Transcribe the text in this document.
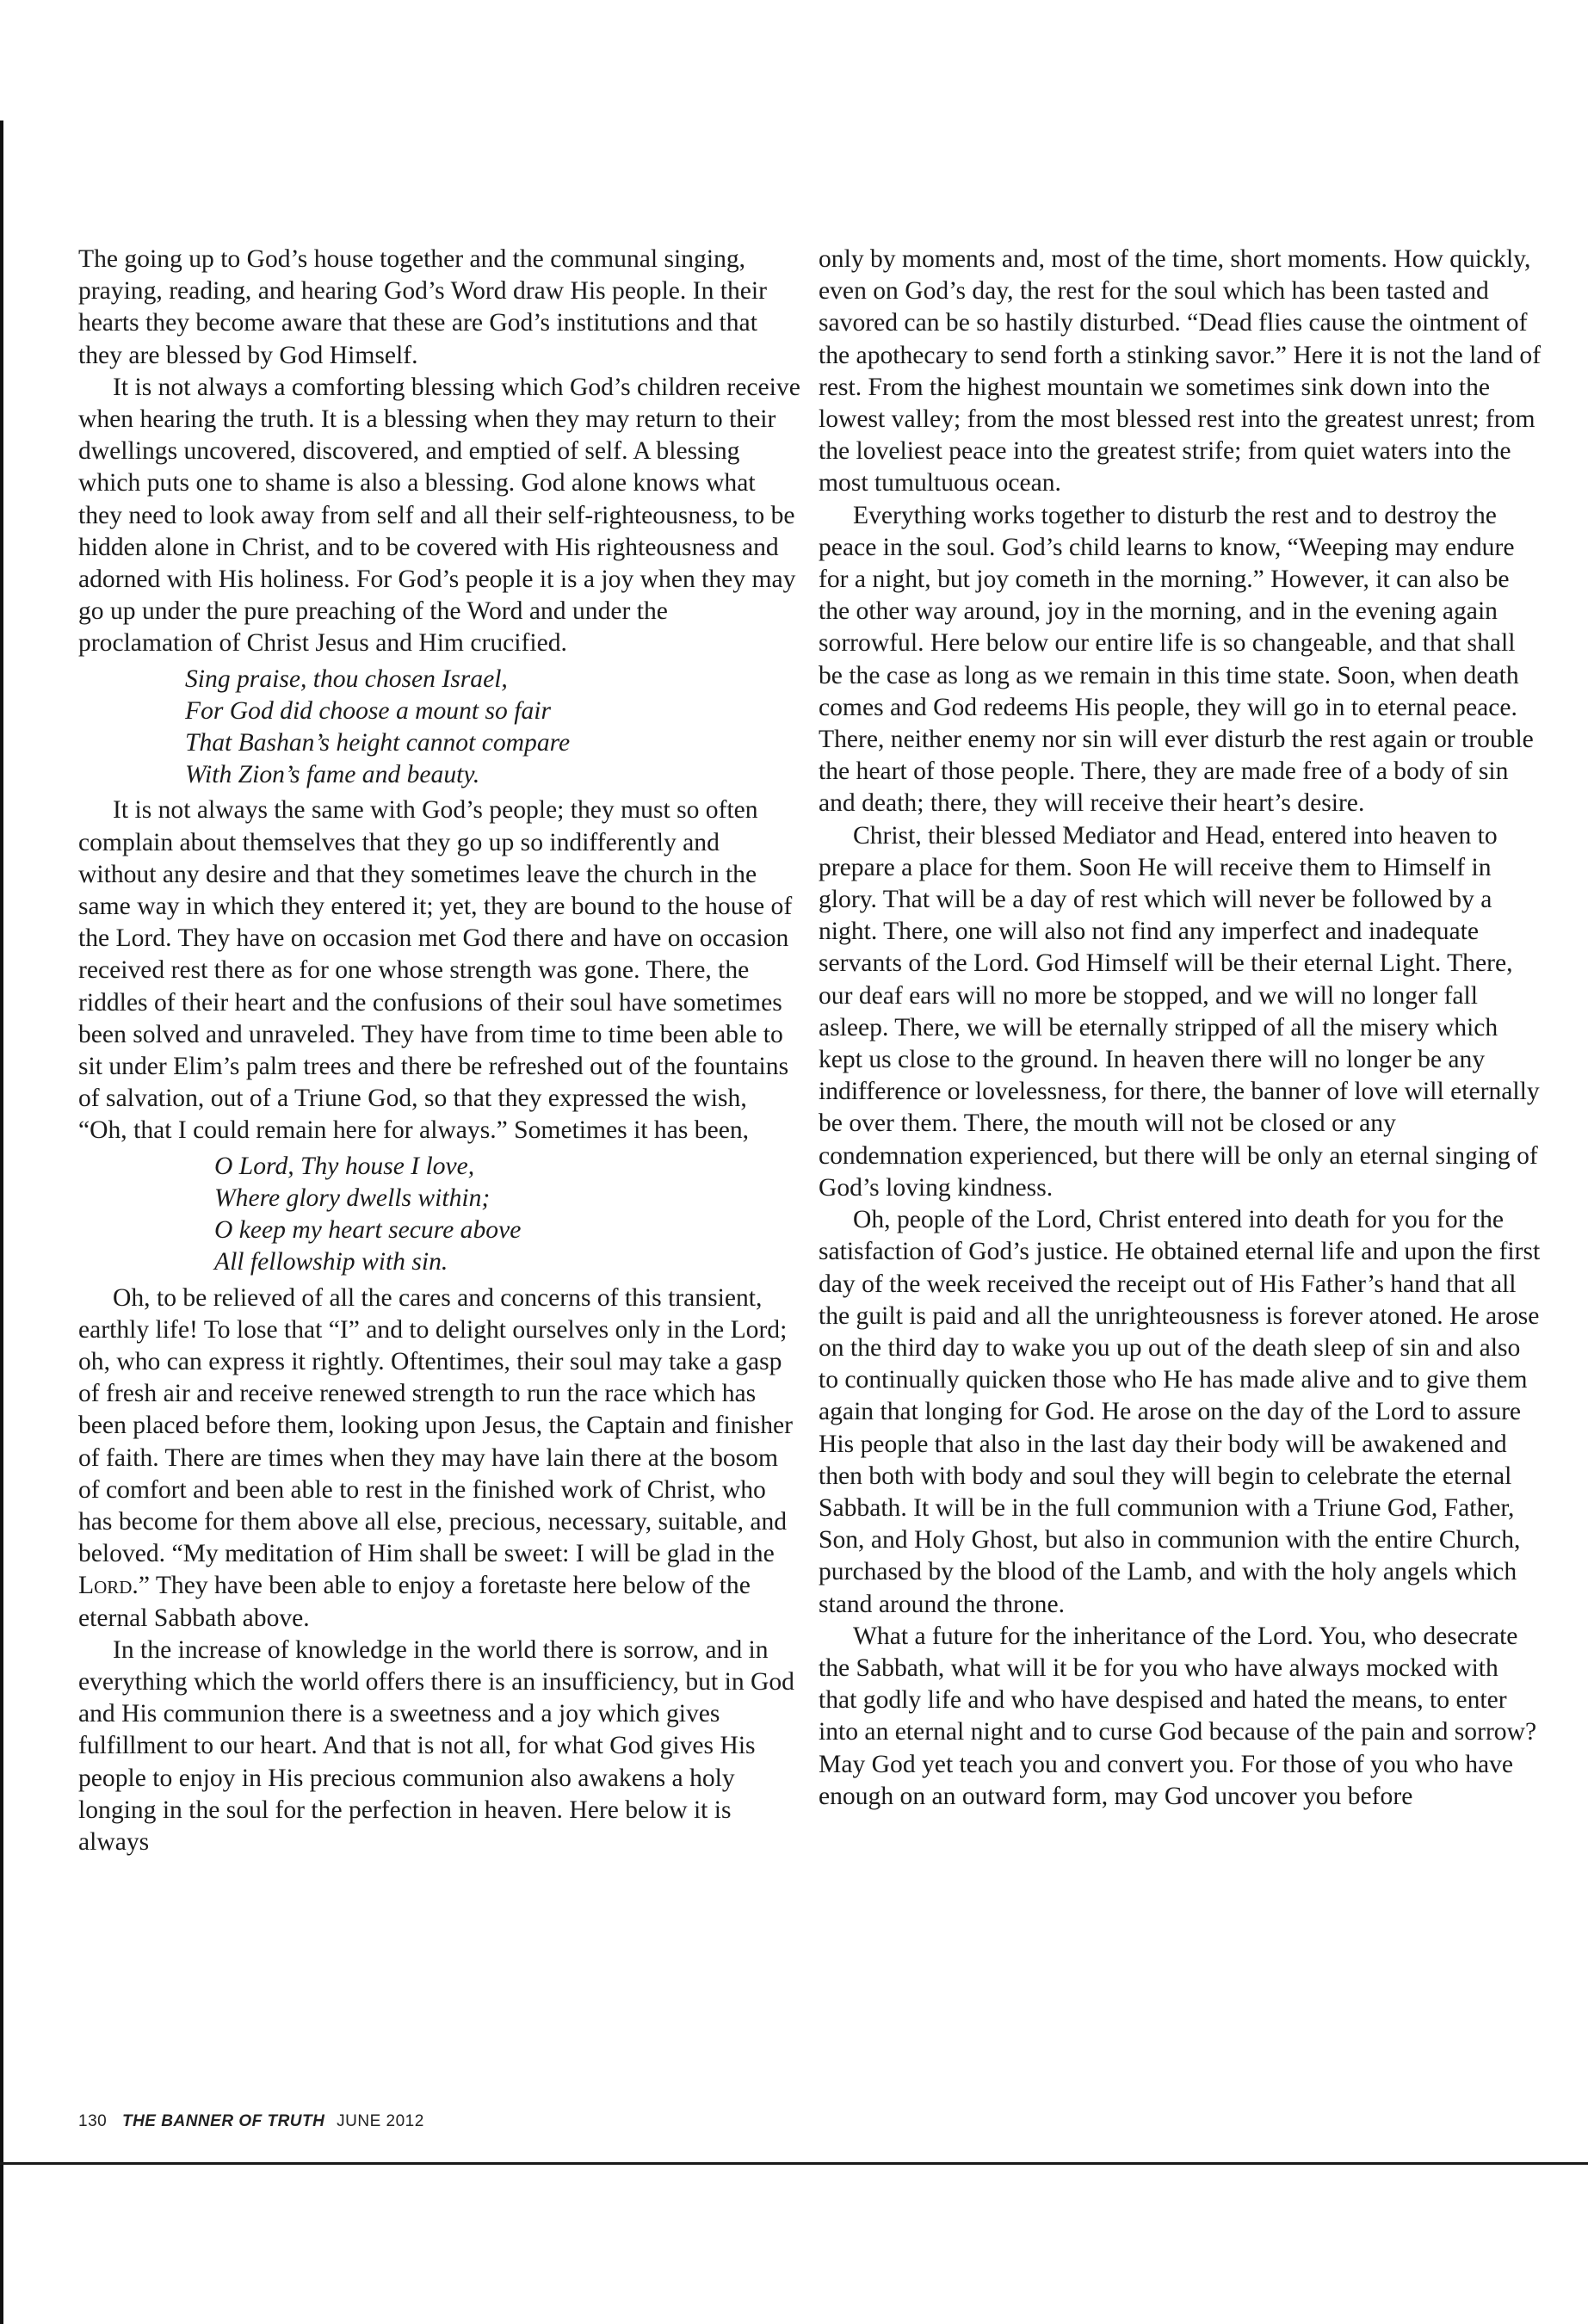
The going up to God’s house together and the communal singing, praying, reading, and hearing God’s Word draw His people. In their hearts they become aware that these are God’s institutions and that they are blessed by God Himself.

It is not always a comforting blessing which God’s children receive when hearing the truth. It is a blessing when they may return to their dwellings uncovered, discovered, and emptied of self. A blessing which puts one to shame is also a blessing. God alone knows what they need to look away from self and all their self-righteousness, to be hidden alone in Christ, and to be covered with His righteousness and adorned with His holiness. For God’s people it is a joy when they may go up under the pure preaching of the Word and under the proclamation of Christ Jesus and Him crucified.

Sing praise, thou chosen Israel,
For God did choose a mount so fair
That Bashan’s height cannot compare
With Zion’s fame and beauty.

It is not always the same with God’s people; they must so often complain about themselves that they go up so indifferently and without any desire and that they sometimes leave the church in the same way in which they entered it; yet, they are bound to the house of the Lord. They have on occasion met God there and have on occasion received rest there as for one whose strength was gone. There, the riddles of their heart and the confusions of their soul have sometimes been solved and unraveled. They have from time to time been able to sit under Elim’s palm trees and there be refreshed out of the fountains of salvation, out of a Triune God, so that they expressed the wish, “Oh, that I could remain here for always.” Sometimes it has been,

O Lord, Thy house I love,
Where glory dwells within;
O keep my heart secure above
All fellowship with sin.

Oh, to be relieved of all the cares and concerns of this transient, earthly life! To lose that “I” and to delight ourselves only in the Lord; oh, who can express it rightly. Oftentimes, their soul may take a gasp of fresh air and receive renewed strength to run the race which has been placed before them, looking upon Jesus, the Captain and finisher of faith. There are times when they may have lain there at the bosom of comfort and been able to rest in the finished work of Christ, who has become for them above all else, precious, necessary, suitable, and beloved. “My meditation of Him shall be sweet: I will be glad in the Lord.” They have been able to enjoy a foretaste here below of the eternal Sabbath above.

In the increase of knowledge in the world there is sorrow, and in everything which the world offers there is an insufficiency, but in God and His communion there is a sweetness and a joy which gives fulfillment to our heart. And that is not all, for what God gives His people to enjoy in His precious communion also awakens a holy longing in the soul for the perfection in heaven. Here below it is always

only by moments and, most of the time, short moments. How quickly, even on God’s day, the rest for the soul which has been tasted and savored can be so hastily disturbed. “Dead flies cause the ointment of the apothecary to send forth a stinking savor.” Here it is not the land of rest. From the highest mountain we sometimes sink down into the lowest valley; from the most blessed rest into the greatest unrest; from the loveliest peace into the greatest strife; from quiet waters into the most tumultuous ocean.

Everything works together to disturb the rest and to destroy the peace in the soul. God’s child learns to know, “Weeping may endure for a night, but joy cometh in the morning.” However, it can also be the other way around, joy in the morning, and in the evening again sorrowful. Here below our entire life is so changeable, and that shall be the case as long as we remain in this time state. Soon, when death comes and God redeems His people, they will go in to eternal peace. There, neither enemy nor sin will ever disturb the rest again or trouble the heart of those people. There, they are made free of a body of sin and death; there, they will receive their heart’s desire.

Christ, their blessed Mediator and Head, entered into heaven to prepare a place for them. Soon He will receive them to Himself in glory. That will be a day of rest which will never be followed by a night. There, one will also not find any imperfect and inadequate servants of the Lord. God Himself will be their eternal Light. There, our deaf ears will no more be stopped, and we will no longer fall asleep. There, we will be eternally stripped of all the misery which kept us close to the ground. In heaven there will no longer be any indifference or lovelessness, for there, the banner of love will eternally be over them. There, the mouth will not be closed or any condemnation experienced, but there will be only an eternal singing of God’s loving kindness.

Oh, people of the Lord, Christ entered into death for you for the satisfaction of God’s justice. He obtained eternal life and upon the first day of the week received the receipt out of His Father’s hand that all the guilt is paid and all the unrighteousness is forever atoned. He arose on the third day to wake you up out of the death sleep of sin and also to continually quicken those who He has made alive and to give them again that longing for God. He arose on the day of the Lord to assure His people that also in the last day their body will be awakened and then both with body and soul they will begin to celebrate the eternal Sabbath. It will be in the full communion with a Triune God, Father, Son, and Holy Ghost, but also in communion with the entire Church, purchased by the blood of the Lamb, and with the holy angels which stand around the throne.

What a future for the inheritance of the Lord. You, who desecrate the Sabbath, what will it be for you who have always mocked with that godly life and who have despised and hated the means, to enter into an eternal night and to curse God because of the pain and sorrow? May God yet teach you and convert you. For those of you who have enough on an outward form, may God uncover you before

130 THE BANNER OF TRUTH JUNE 2012
